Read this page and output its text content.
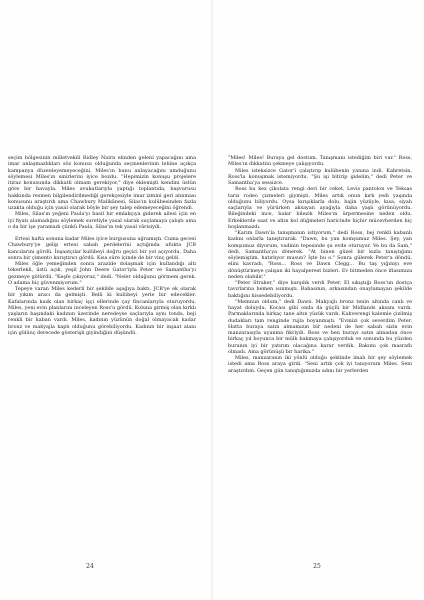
seçim bölgesinin milletvekili Ridley Nairn elinden geleni yapacağını ama imar anlaşmazlıkları söz konusu olduğunda seçmenlerinin lehine açıkça kampanya düzenleyemeyeceğini, Miles'ın bunu anlayacağını umduğunu söylemesi Miles'ın sinirlerini iyice bozdu. "Hepimizin konuşu projelere itiraz konusunda dikkatli olmam gerekiyor," diye eklemişti kendini üstün göre bir havayla. Miles avukatlarıyla yaptığı toplantıda, başvurusu hakkında resmen bilgilendirilmediği gerekçesiyle imar izmini geri alınması konusunu araştırdı ama Chawbury Malikânesi, Silas'ın kulübesinden fazla uzakta olduğu için yasal olarak böyle bir şey talep edemeyeceğini öğrendi.

Miles, Silas'ın yeğeni Paula'yı basit bir emlakçıya giderek ailesi için en iyi fiyatı alamadığını söylemek suretiyle yasal olarak suçlamaya çalıştı ama o da bir işe yaramadı çünkü Paula, Silas'ın tek yasal vârisiydi.

Ertesi hafta sonuna kadar Miles iyice burgusuna uğramıştı. Cuma gecesi Chawbury'ye gelip ertesi sabah perdelerini açtığında ufukta JCB kancılarını gördü. İnşaatçılar kulübeyi doğru geçici bir yol açıyordu. Daha sonra bir çimento karıştırıcı gördü. Kısa süre içinde de bir vinç geldi.

Miles öğle yemeğinden sonra arazide dolaşmak için kullandığı altı tekerlekli, üstü açık, yeşil John Deere Gator'iyla Peter ve Samantha'yı gezmeye götürdü. "Keşfe çıkıyoruz," dedi. "Neler olduğunu görmem gerek. O adama hiç güvenmiyorum."

Tepeye varan Miles kederli bir şekilde aşağıya baktı. JCB'ye ek olarak bir yıkım aracı da gelmişti. Belli ki kulübeyi yerle bir edecekler. Kafalarında kask olan birkaç işçi ellerinde çay fincanlarıyla oturuyordu. Miles, yeni evin planlarını inceleyen Ross'u gördü. Koluna girmiş olan kırklı yaşların başındaki kadının üzerinde neredeyse saçlarıyla aynı tonda, beji renkli bir kaban vardı. Miles, kadının yüzünün doğal olmayacak kadar bronz ve makyajla kaplı olduğunu görebiliyordu. Kadının bir inşaat alanı için gülünç derecede gösterişli giyindiğini düşündü.

24

"Miles! Miles! Buraya gel dostum. Tanışmanı istediğim biri var." Ross, Miles'ın dikkatini çekmeye çalışıyordu.

Miles isteksizce Gator'i çalıştırıp kulübenin yanına indi. Kahretsin. Ross'la konuşmak istemiyordu. "Şu işi bitirip gidelim," dedi Peter ve Samantha'ya sessizce.

Ross bu kez çikolata rengi deri bir ceket, Levis pantolon ve Teksas tarzı rodeo çizmeleri giymişti. Miles artık onun kırk yedi yaşında olduğunu biliyordu. Oysa kırışıklarla dolu, bajin yüzüyle, kısa, siyah saçlarıyla ve yürürken aksayan ayağıyla daha yaşlı görünüyordu. Bileğindeki ince, bakır bilezik Miles'ın ürpermesine neden oldu. Erkeklerde saat ve altın kol düğmeleri haricinde hiçbir mücevherden hiç hoşlanmazdı.

"Karım Dawn'la tanışmanın istiyorum," dedi Ross, bej renkli kabanlı kadını onlarla tanıştırarak. "Dawn, bu yan komşumuz Miles. Şey, yan komşumuz diyorum, vadinin tepesinde şu evde oturuyor. Ve bu da Sam," dedi, Samantha'ya dönerek. "At binen güzel bir kızla tanıştığımı söylemiştim, hatırlıyor musun? İşte bu o." Sonra gülerek Peter'a döndü, elini kavradı, "Ross... Ross ve Dawn Clegg... Bu taş yığınıyı eve dönüştürmeye çalışan iki hayalperest bizleri. Ev bitmeden önce iflasımıza neden olabilir."

"Peter Straker," diye karşılık verdi Peter. El sıkıştığı Ross'un dostça tavırlarına hemen ısınmıştı. Babasının, arkasından onaylamayan şekilde baktığını hissedebiliyordu.

"Memnun oldum," dedi Dawn. Makyajlı bronz tenin altında canlı ve hayat doluydu. Kocası gibi onda da güçlü bir Midlands aksanı vardı. Parmaklarında birkaç tane altın yüzük vardı. Kahverengi kalemle çizilmiş dudakları tam renginde rujla boyanmıştı. "Evinizi çok severdim Peter. Hatta buraya satın almamızın bir nedeni de her sabah sizin evin manzarasıyla uyanma fikriydi. Ross ve ben burayı satın almadan önce birkaç yıl boyunca bir mülk bakmaya çalışıyorduk ve sonunda bu yüzden buranın iyi bir yatırım olacağına karar verdik. Bakımı çok masraflı olmadı. Ama görünüşü bir harika."

Miles, manzaranın iki yönlü olduğu şeklinde imalı bir şey söylemek istedi ama Ross araya girdi. "Seni artık çok iyi tanıyorum Miles. Seni araştırdım. Geçen gün tanıştığımızda adını bir yerlerden

25
